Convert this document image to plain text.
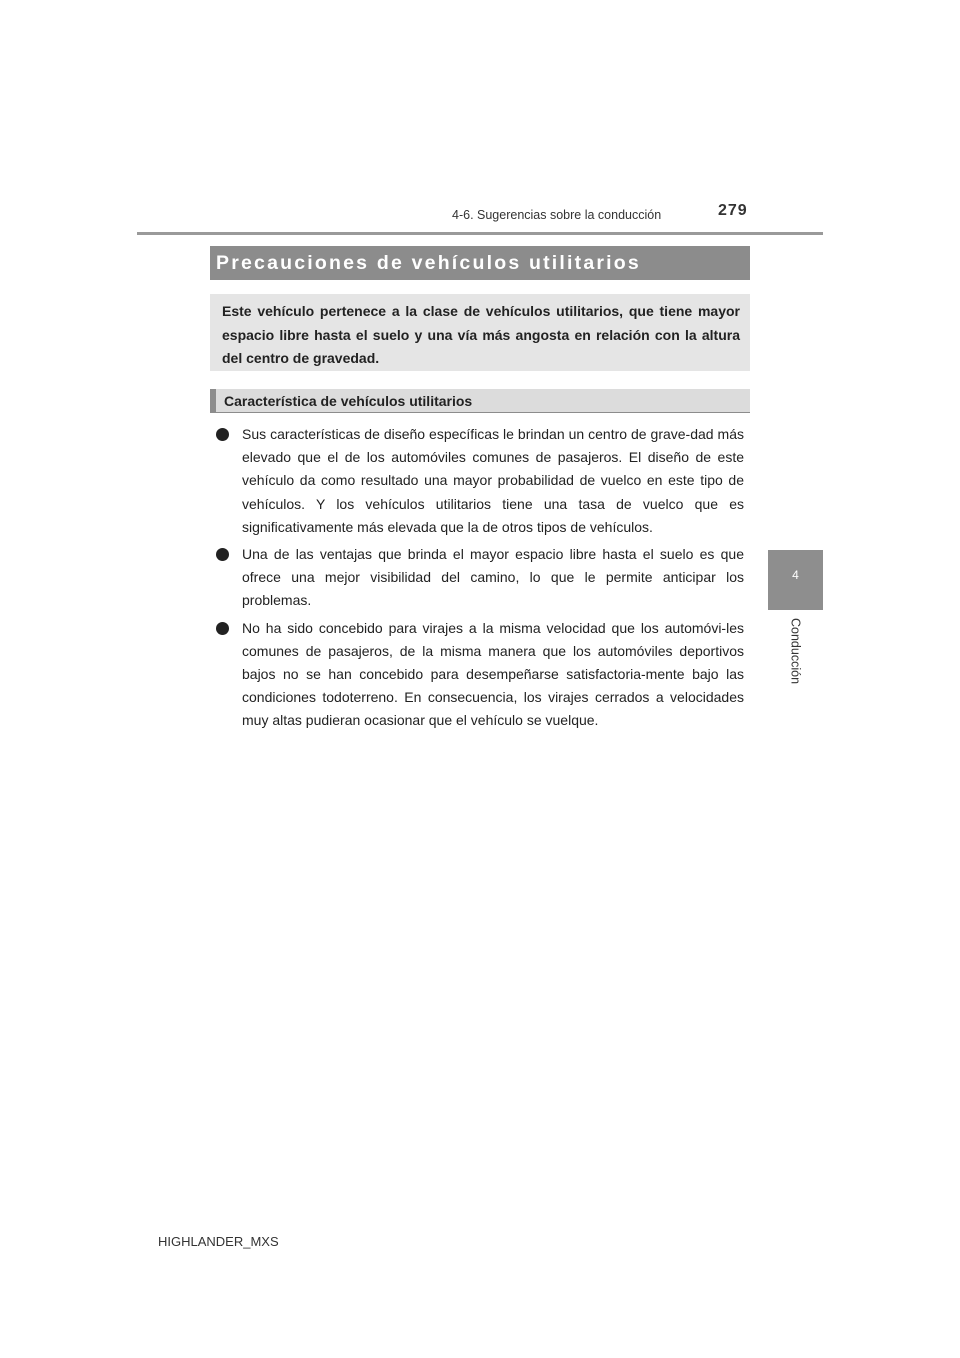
4-6. Sugerencias sobre la conducción	279
4
Conducción
Precauciones de vehículos utilitarios
Este vehículo pertenece a la clase de vehículos utilitarios, que tiene mayor espacio libre hasta el suelo y una vía más angosta en relación con la altura del centro de gravedad.
Característica de vehículos utilitarios
Sus características de diseño específicas le brindan un centro de grave-dad más elevado que el de los automóviles comunes de pasajeros. El diseño de este vehículo da como resultado una mayor probabilidad de vuelco en este tipo de vehículos. Y los vehículos utilitarios tiene una tasa de vuelco que es significativamente más elevada que la de otros tipos de vehículos.
Una de las ventajas que brinda el mayor espacio libre hasta el suelo es que ofrece una mejor visibilidad del camino, lo que le permite anticipar los problemas.
No ha sido concebido para virajes a la misma velocidad que los automóvi-les comunes de pasajeros, de la misma manera que los automóviles deportivos bajos no se han concebido para desempeñarse satisfactoria-mente bajo las condiciones todoterreno. En consecuencia, los virajes cerrados a velocidades muy altas pudieran ocasionar que el vehículo se vuelque.
HIGHLANDER_MXS
